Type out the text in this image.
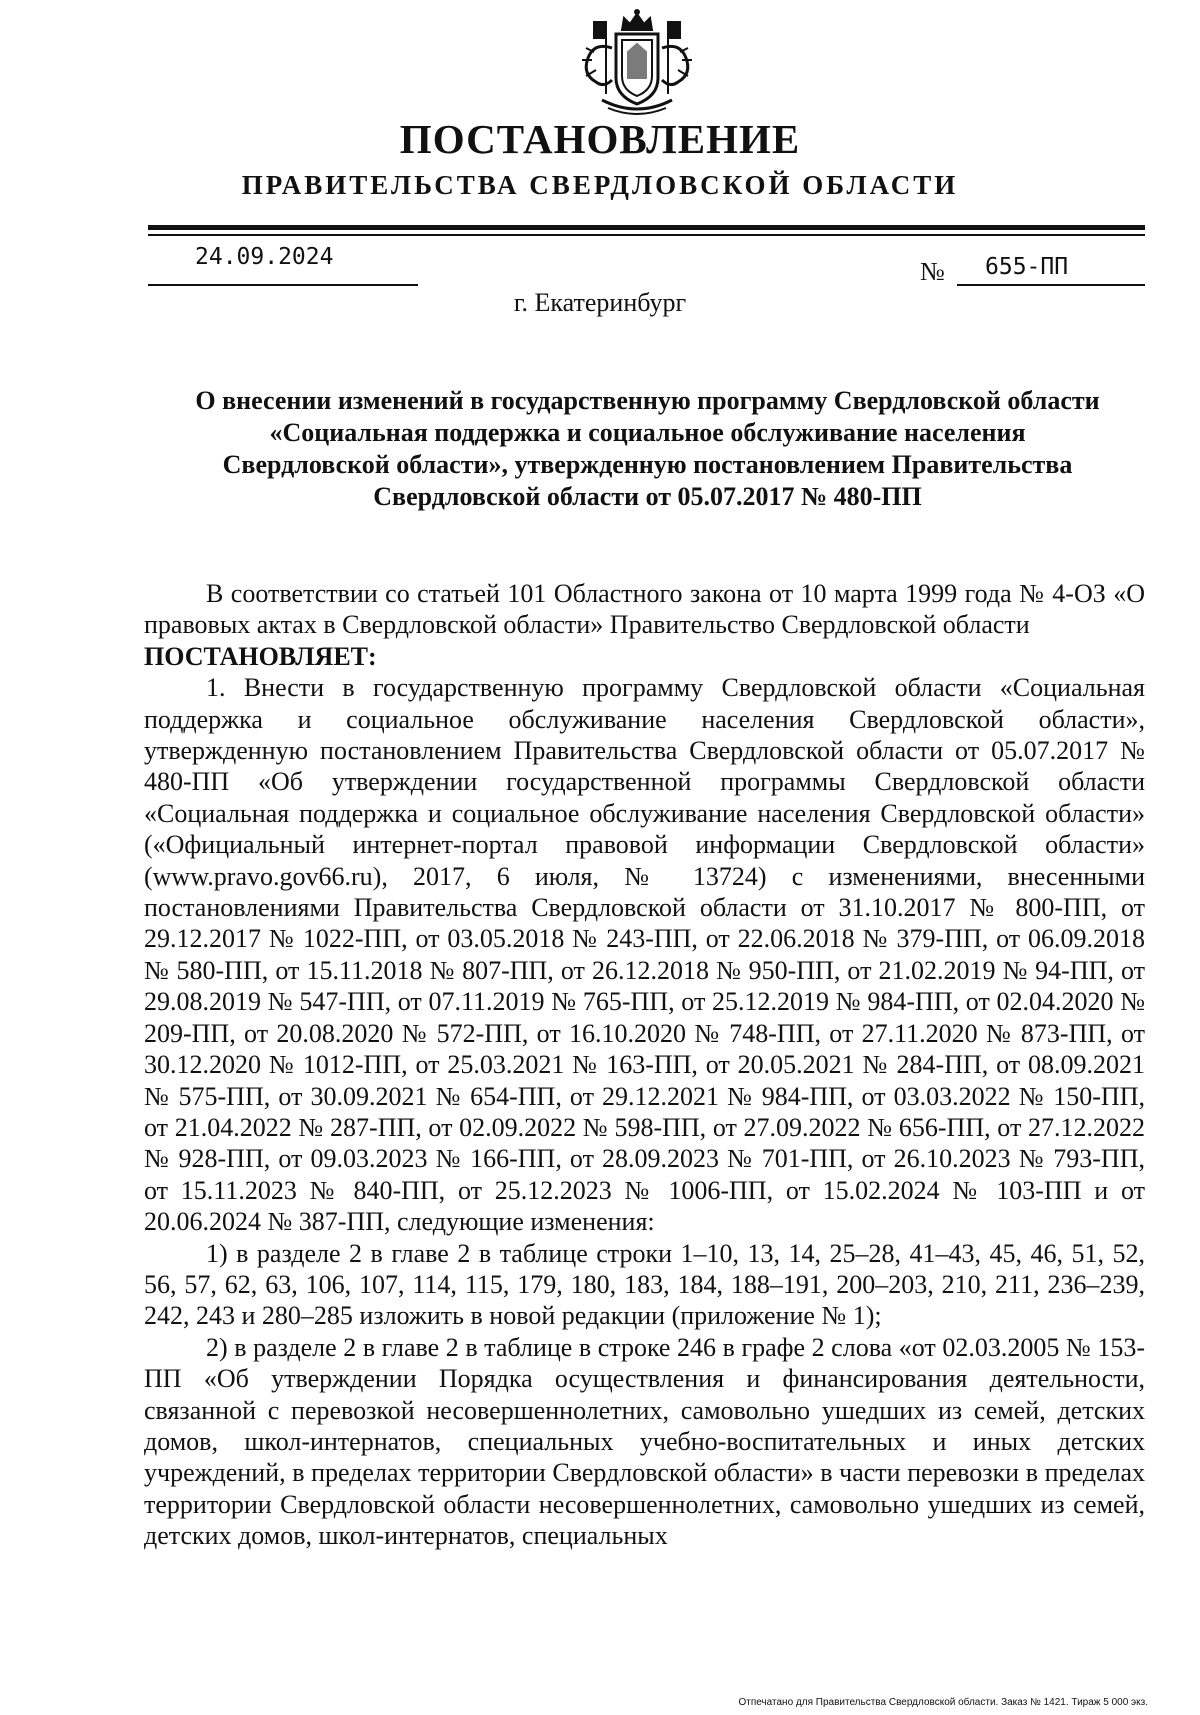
ПОСТАНОВЛЕНИЕ
ПРАВИТЕЛЬСТВА СВЕРДЛОВСКОЙ ОБЛАСТИ
24.09.2024	№ 655-ПП
г. Екатеринбург
О внесении изменений в государственную программу Свердловской области
«Социальная поддержка и социальное обслуживание населения
Свердловской области», утвержденную постановлением Правительства
Свердловской области от 05.07.2017 № 480-ПП

В соответствии со статьей 101 Областного закона от 10 марта 1999 года № 4-ОЗ «О правовых актах в Свердловской области» Правительство Свердловской области

ПОСТАНОВЛЯЕТ:

1. Внести в государственную программу Свердловской области «Социальная поддержка и социальное обслуживание населения Свердловской области», утвержденную постановлением Правительства Свердловской области от 05.07.2017 № 480-ПП «Об утверждении государственной программы Свердловской области «Социальная поддержка и социальное обслуживание населения Свердловской области» («Официальный интернет-портал правовой информации Свердловской области» (www.pravo.gov66.ru), 2017, 6 июля, № 13724) с изменениями, внесенными постановлениями Правительства Свердловской области от 31.10.2017 № 800-ПП, от 29.12.2017 № 1022-ПП, от 03.05.2018 № 243-ПП, от 22.06.2018 № 379-ПП, от 06.09.2018 № 580-ПП, от 15.11.2018 № 807-ПП, от 26.12.2018 № 950-ПП, от 21.02.2019 № 94-ПП, от 29.08.2019 № 547-ПП, от 07.11.2019 № 765-ПП, от 25.12.2019 № 984-ПП, от 02.04.2020 № 209-ПП, от 20.08.2020 № 572-ПП, от 16.10.2020 № 748-ПП, от 27.11.2020 № 873-ПП, от 30.12.2020 № 1012-ПП, от 25.03.2021 № 163-ПП, от 20.05.2021 № 284-ПП, от 08.09.2021 № 575-ПП, от 30.09.2021 № 654-ПП, от 29.12.2021 № 984-ПП, от 03.03.2022 № 150-ПП, от 21.04.2022 № 287-ПП, от 02.09.2022 № 598-ПП, от 27.09.2022 № 656-ПП, от 27.12.2022 № 928-ПП, от 09.03.2023 № 166-ПП, от 28.09.2023 № 701-ПП, от 26.10.2023 № 793-ПП, от 15.11.2023 № 840-ПП, от 25.12.2023 № 1006-ПП, от 15.02.2024 № 103-ПП и от 20.06.2024 № 387-ПП, следующие изменения:

1) в разделе 2 в главе 2 в таблице строки 1–10, 13, 14, 25–28, 41–43, 45, 46, 51, 52, 56, 57, 62, 63, 106, 107, 114, 115, 179, 180, 183, 184, 188–191, 200–203, 210, 211, 236–239, 242, 243 и 280–285 изложить в новой редакции (приложение № 1);

2) в разделе 2 в главе 2 в таблице в строке 246 в графе 2 слова «от 02.03.2005 № 153-ПП «Об утверждении Порядка осуществления и финансирования деятельности, связанной с перевозкой несовершеннолетних, самовольно ушедших из семей, детских домов, школ-интернатов, специальных учебно-воспитательных и иных детских учреждений, в пределах территории Свердловской области» в части перевозки в пределах территории Свердловской области несовершеннолетних, самовольно ушедших из семей, детских домов, школ-интернатов, специальных

Отпечатано для Правительства Свердловской области. Заказ № 1421. Тираж 5 000 экз.
